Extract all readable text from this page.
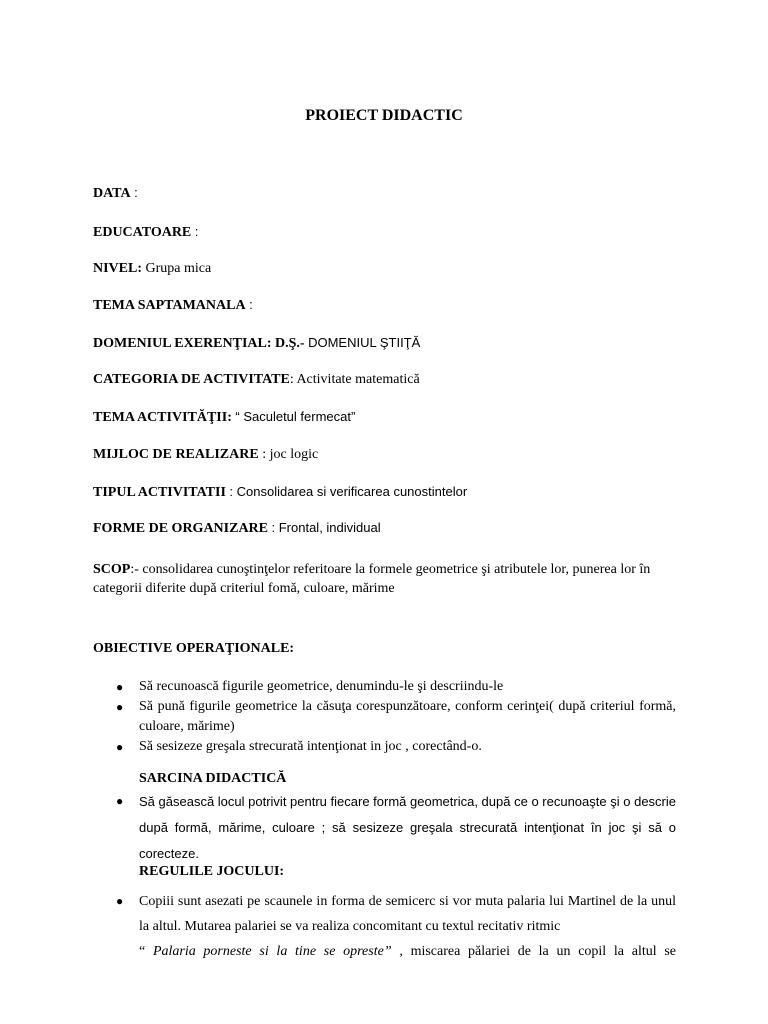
PROIECT DIDACTIC
DATA :
EDUCATOARE :
NIVEL: Grupa mica
TEMA SAPTAMANALA :
DOMENIUL EXERENŢIAL: D.Ş.- DOMENIUL ŞTIIŢĂ
CATEGORIA DE ACTIVITATE: Activitate matematică
TEMA ACTIVITĂŢII: “ Saculetul fermecat”
MIJLOC DE REALIZARE : joc logic
TIPUL ACTIVITATII : Consolidarea si verificarea cunostintelor
FORME DE ORGANIZARE : Frontal, individual
SCOP:- consolidarea cunoştinţelor referitoare la formele geometrice şi atributele lor, punerea lor în categorii diferite după criteriul fomă, culoare, mărime
OBIECTIVE OPERAŢIONALE:
● Să recunoască figurile geometrice, denumindu-le şi descriindu-le
● Să pună figurile geometrice la căsuţa corespunzătoare, conform cerinţei( după criteriul formă, culoare, mărime)
● Să sesizeze greşala strecurată intenţionat in joc , corectând-o.
SARCINA DIDACTICĂ
● Să găsească locul potrivit pentru fiecare formă geometrica, după ce o recunoaşte şi o descrie după formă, mărime, culoare ; să sesizeze greşala strecurată intenţionat în joc şi să o corecteze.
REGULILE JOCULUI:
● Copiii sunt asezati pe scaunele in forma de semicerc si vor muta palaria lui Martinel de la unul la altul. Mutarea palariei se va realiza concomitant cu textul recitativ ritmic
“ Palaria porneste si la tine se opreste” , miscarea pălariei de la un copil la altul se
